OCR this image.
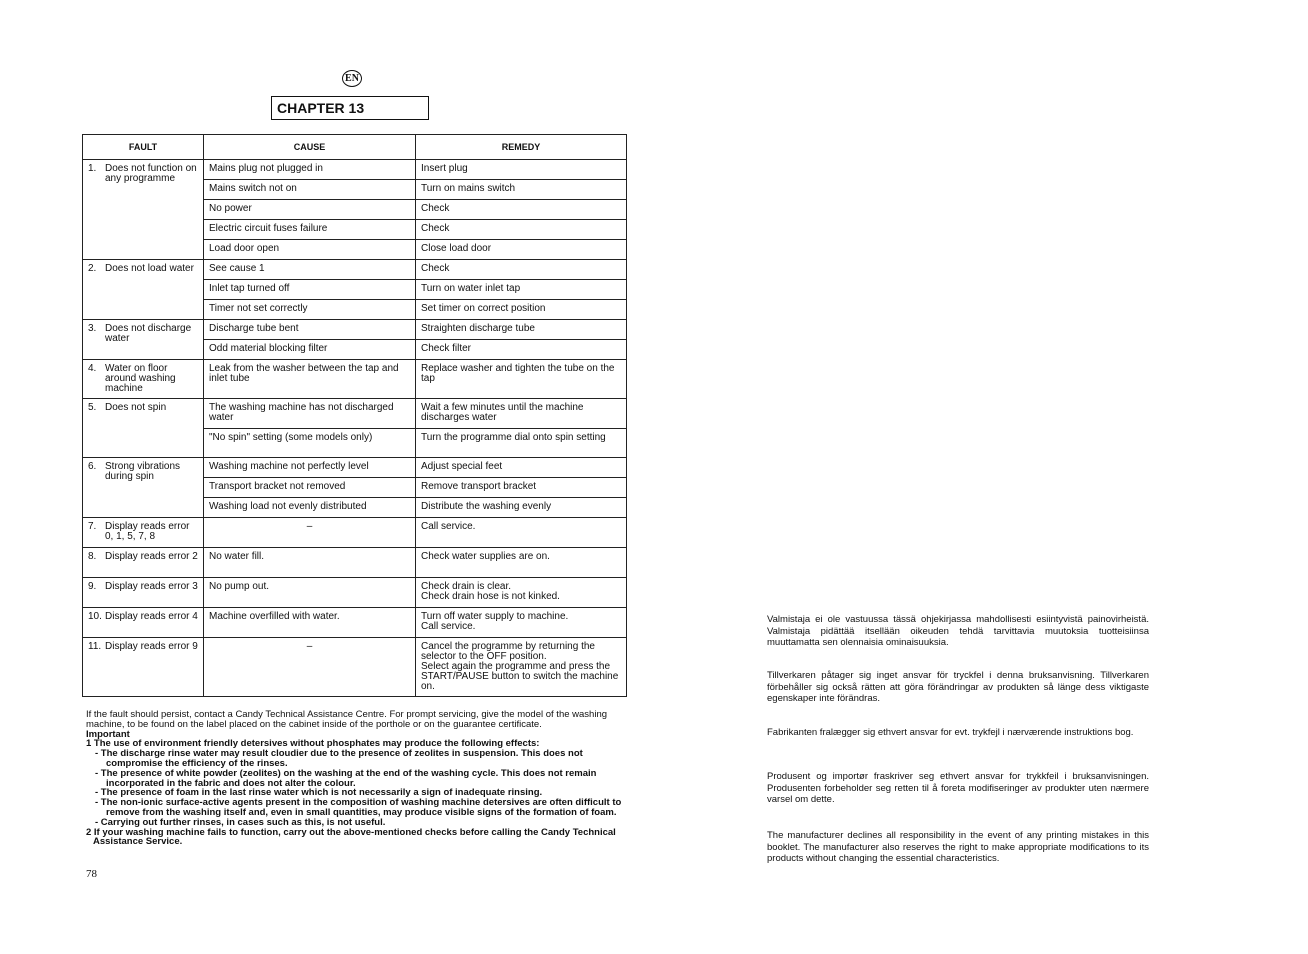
EN
CHAPTER 13
FAULT	CAUSE	REMEDY

1. Does not function on any programme	Mains plug not plugged in	Insert plug
	Mains switch not on	Turn on mains switch
	No power	Check
	Electric circuit fuses failure	Check
	Load door open	Close load door

2. Does not load water	See cause 1	Check
	Inlet tap turned off	Turn on water inlet tap
	Timer not set correctly	Set timer on correct position

3. Does not discharge water	Discharge tube bent	Straighten discharge tube
	Odd material blocking filter	Check filter

4. Water on floor around washing machine	Leak from the washer between the tap and inlet tube	Replace washer and tighten the tube on the tap

5. Does not spin	The washing machine has not discharged water	Wait a few minutes until the machine discharges water
	"No spin" setting (some models only)	Turn the programme dial onto spin setting

6. Strong vibrations during spin	Washing machine not perfectly level	Adjust special feet
	Transport bracket not removed	Remove transport bracket
	Washing load not evenly distributed	Distribute the washing evenly

7. Display reads error 0, 1, 5, 7, 8	–	Call service.

8. Display reads error 2	No water fill.	Check water supplies are on.

9. Display reads error 3	No pump out.	Check drain is clear.
Check drain hose is not kinked.

10. Display reads error 4	Machine overfilled with water.	Turn off water supply to machine.
Call service.

11. Display reads error 9	–	Cancel the programme by returning the selector to the OFF position.
Select again the programme and press the START/PAUSE button to switch the machine on.
If the fault should persist, contact a Candy Technical Assistance Centre. For prompt servicing, give the model of the washing machine, to be found on the label placed on the cabinet inside of the porthole or on the guarantee certificate.
Important
1 The use of environment friendly detersives without phosphates may produce the following effects:
- The discharge rinse water may result cloudier due to the presence of zeolites in suspension. This does not compromise the efficiency of the rinses.
- The presence of white powder (zeolites) on the washing at the end of the washing cycle. This does not remain incorporated in the fabric and does not alter the colour.
- The presence of foam in the last rinse water which is not necessarily a sign of inadequate rinsing.
- The non-ionic surface-active agents present in the composition of washing machine detersives are often difficult to remove from the washing itself and, even in small quantities, may produce visible signs of the formation of foam.
- Carrying out further rinses, in cases such as this, is not useful.
2 If your washing machine fails to function, carry out the above-mentioned checks before calling the Candy Technical Assistance Service.
78
Valmistaja ei ole vastuussa tässä ohjekirjassa mahdollisesti esiintyvistä painovirheistä. Valmistaja pidättää itsellään oikeuden tehdä tarvittavia muutoksia tuotteisiinsa muuttamatta sen olennaisia ominaisuuksia.
Tillverkaren påtager sig inget ansvar för tryckfel i denna bruksanvisning. Tillverkaren förbehåller sig också rätten att göra förändringar av produkten så länge dess viktigaste egenskaper inte förändras.
Fabrikanten fralægger sig ethvert ansvar for evt. trykfejl i nærværende instruktions bog.
Produsent og importør fraskriver seg ethvert ansvar for trykkfeil i bruksanvisningen. Produsenten forbeholder seg retten til å foreta modifiseringer av produkter uten nærmere varsel om dette.
The manufacturer declines all responsibility in the event of any printing mistakes in this booklet. The manufacturer also reserves the right to make appropriate modifications to its products without changing the essential characteristics.
